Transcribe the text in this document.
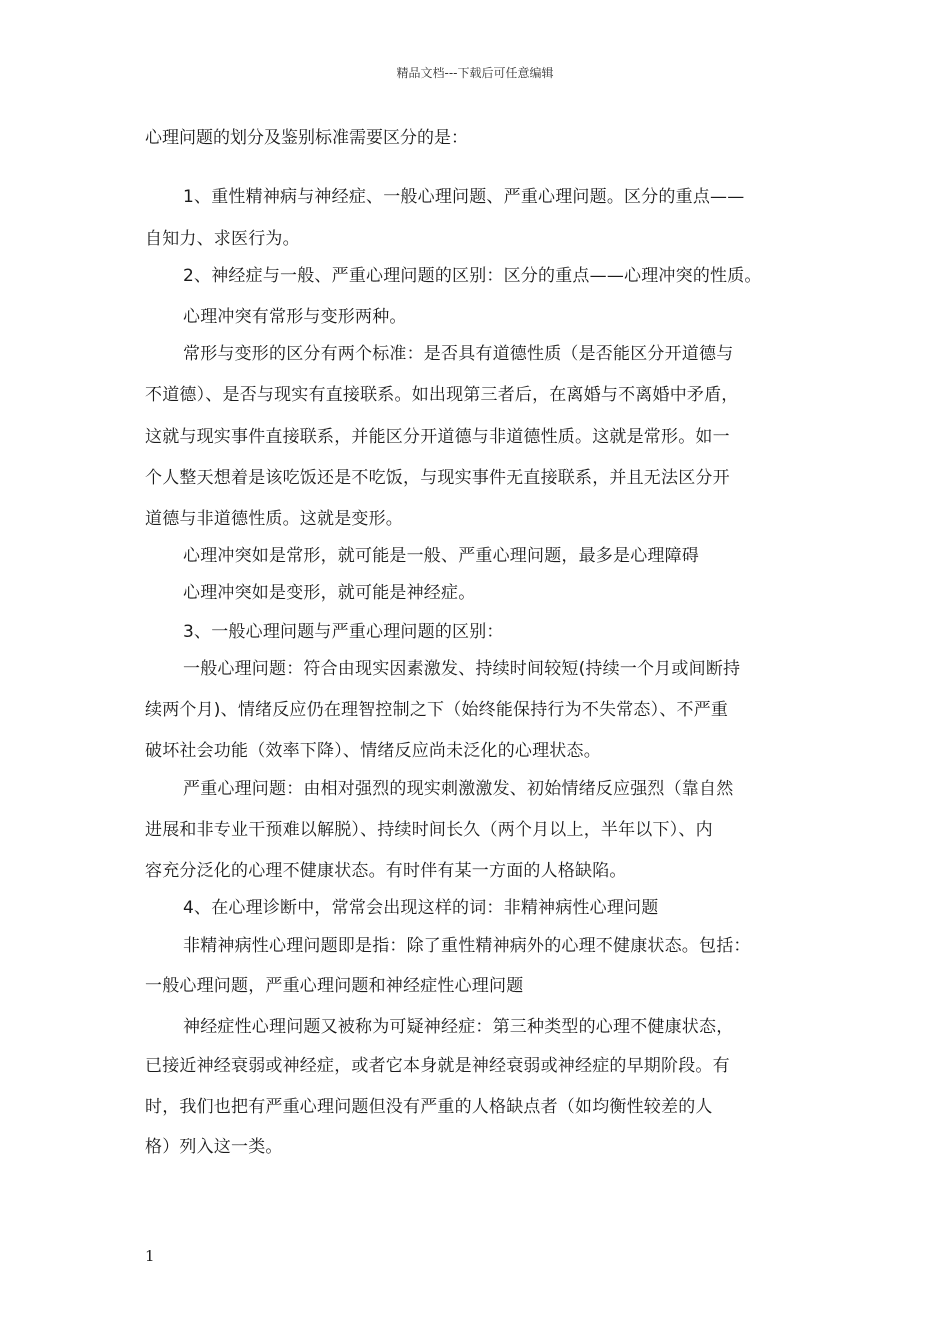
精品文档---下载后可任意编辑
心理问题的划分及鉴别标准需要区分的是：
1、重性精神病与神经症、一般心理问题、严重心理问题。区分的重点——
自知力、求医行为。
2、神经症与一般、严重心理问题的区别：区分的重点——心理冲突的性质。
心理冲突有常形与变形两种。
常形与变形的区分有两个标准：是否具有道德性质（是否能区分开道德与
不道德）、是否与现实有直接联系。如出现第三者后，在离婚与不离婚中矛盾，
这就与现实事件直接联系，并能区分开道德与非道德性质。这就是常形。如一
个人整天想着是该吃饭还是不吃饭，与现实事件无直接联系，并且无法区分开
道德与非道德性质。这就是变形。
心理冲突如是常形，就可能是一般、严重心理问题，最多是心理障碍
心理冲突如是变形，就可能是神经症。
3、一般心理问题与严重心理问题的区别：
一般心理问题：符合由现实因素激发、持续时间较短(持续一个月或间断持
续两个月)、情绪反应仍在理智控制之下（始终能保持行为不失常态）、不严重
破坏社会功能（效率下降）、情绪反应尚未泛化的心理状态。
严重心理问题：由相对强烈的现实刺激激发、初始情绪反应强烈（靠自然
进展和非专业干预难以解脱）、持续时间长久（两个月以上，半年以下）、内
容充分泛化的心理不健康状态。有时伴有某一方面的人格缺陷。
4、在心理诊断中，常常会出现这样的词：非精神病性心理问题
非精神病性心理问题即是指：除了重性精神病外的心理不健康状态。包括：
一般心理问题，严重心理问题和神经症性心理问题
神经症性心理问题又被称为可疑神经症：第三种类型的心理不健康状态，
已接近神经衰弱或神经症，或者它本身就是神经衰弱或神经症的早期阶段。有
时，我们也把有严重心理问题但没有严重的人格缺点者（如均衡性较差的人
格）列入这一类。
1
